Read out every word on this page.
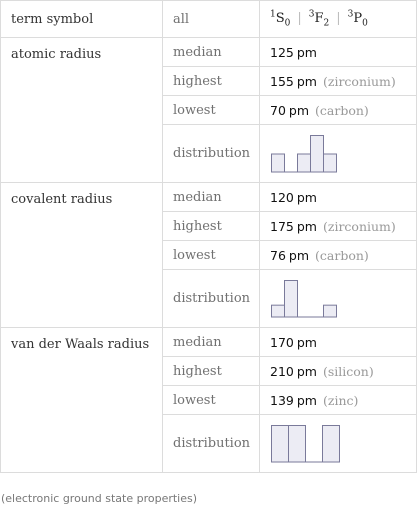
term symbol	all	$^1S_0$ | $^3F_2$ | $^3P_0$
atomic radius	median	125 pm
	highest	155 pm (zirconium)
	lowest	70 pm (carbon)
	distribution	

covalent radius	median	120 pm
	highest	175 pm (zirconium)
	lowest	76 pm (carbon)
	distribution	

van der Waals radius	median	170 pm
	highest	210 pm (silicon)
	lowest	139 pm (zinc)
	distribution	
(electronic ground state properties)
